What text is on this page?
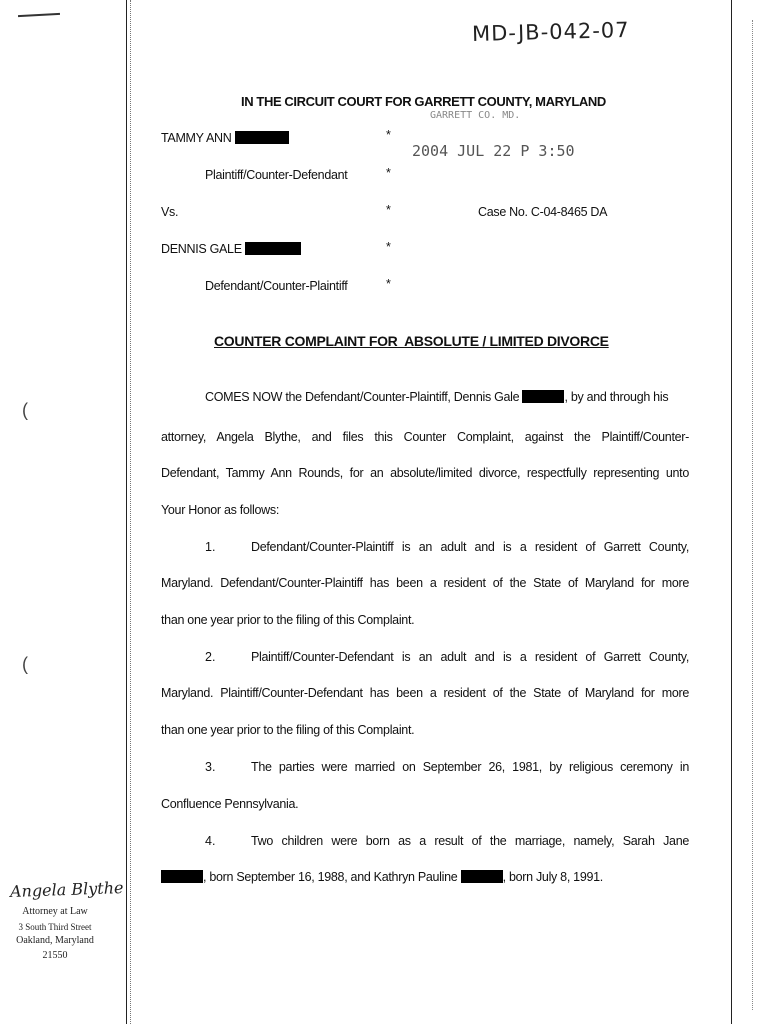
(
(
MD-JB-042-07
IN THE CIRCUIT COURT FOR GARRETT COUNTY, MARYLAND
GARRETT CO. MD.
2004 JUL 22 P 3:50
TAMMY ANN	*
Plaintiff/Counter-Defendant	*
Vs.	*	Case No. C-04-8465 DA
DENNIS GALE	*
Defendant/Counter-Plaintiff	*
COUNTER COMPLAINT FOR  ABSOLUTE / LIMITED DIVORCE
COMES NOW the Defendant/Counter-Plaintiff, Dennis Gale	, by and through his
attorney, Angela Blythe, and files this Counter Complaint, against the Plaintiff/Counter-
Defendant, Tammy Ann Rounds, for an absolute/limited divorce, respectfully representing unto
Your Honor as follows:
1.	Defendant/Counter-Plaintiff is an adult and is a resident of Garrett County,
Maryland. Defendant/Counter-Plaintiff has been a resident of the State of Maryland for more
than one year prior to the filing of this Complaint.
2.	Plaintiff/Counter-Defendant is an adult and is a resident of Garrett County,
Maryland. Plaintiff/Counter-Defendant has been a resident of the State of Maryland for more
than one year prior to the filing of this Complaint.
3.	The parties were married on September 26, 1981, by religious ceremony in
Confluence Pennsylvania.
4.	Two children were born as a result of the marriage, namely, Sarah Jane
, born September 16, 1988, and Kathryn Pauline	, born July 8, 1991.
Angela Blythe
Attorney at Law
3 South Third Street
Oakland, Maryland
21550
